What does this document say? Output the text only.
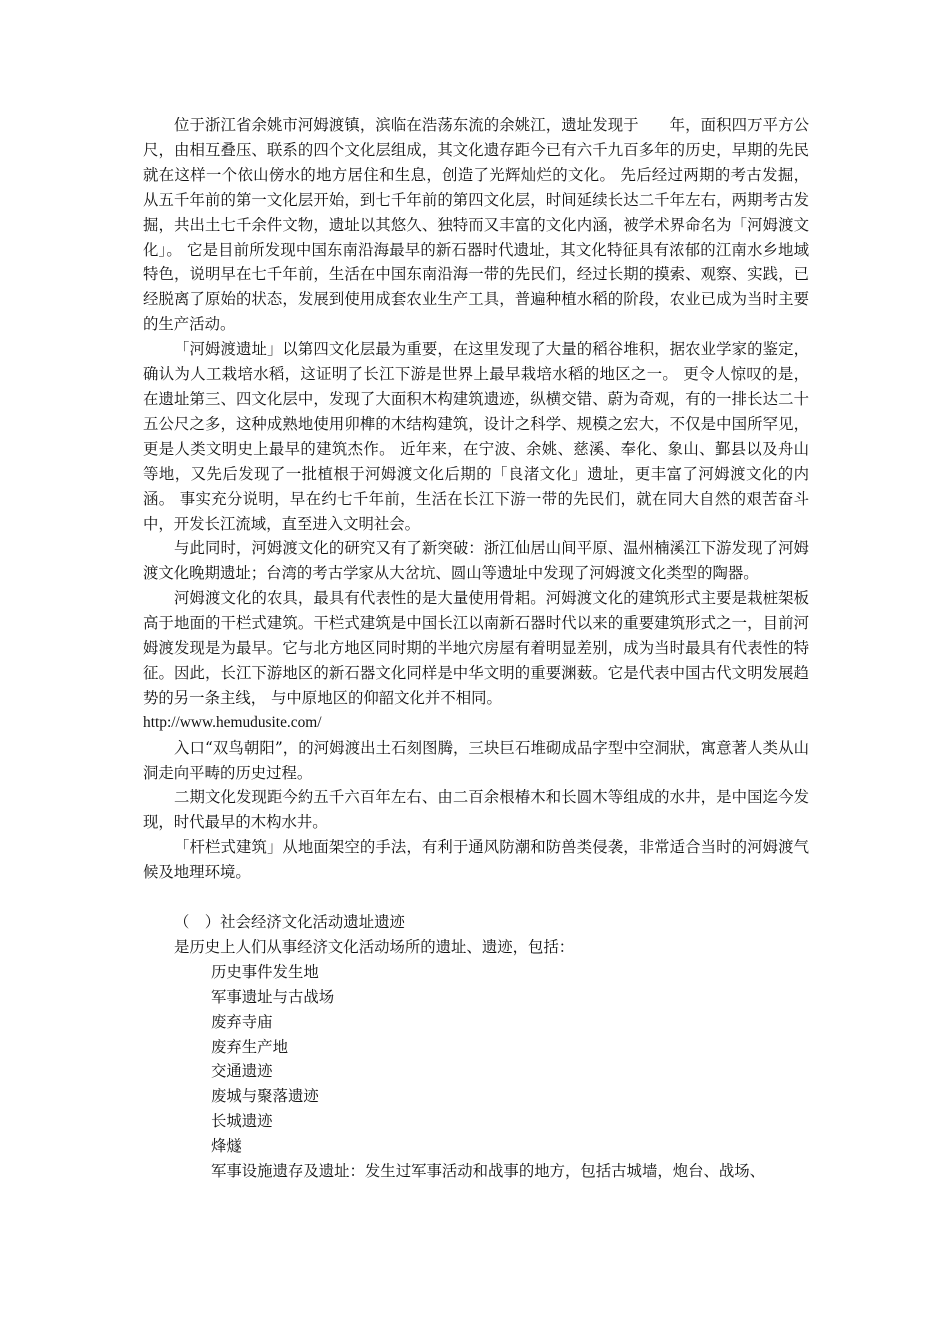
位于浙江省余姚市河姆渡镇，滨临在浩荡东流的余姚江，遗址发现于　　年，面积四万平方公尺，由相互叠压、联系的四个文化层组成，其文化遗存距今已有六千九百多年的历史，早期的先民就在这样一个依山傍水的地方居住和生息，创造了光辉灿烂的文化。 先后经过两期的考古发掘，从五千年前的第一文化层开始，到七千年前的第四文化层，时间延续长达二千年左右，两期考古发掘，共出土七千余件文物，遗址以其悠久、独特而又丰富的文化内涵，被学术界命名为「河姆渡文化」。 它是目前所发现中国东南沿海最早的新石器时代遗址，其文化特征具有浓郁的江南水乡地域特色，说明早在七千年前，生活在中国东南沿海一带的先民们，经过长期的摸索、观察、实践，已经脱离了原始的状态，发展到使用成套农业生产工具，普遍种植水稻的阶段，农业已成为当时主要的生产活动。

「河姆渡遗址」以第四文化层最为重要，在这里发现了大量的稻谷堆积，据农业学家的鉴定，确认为人工栽培水稻，这证明了长江下游是世界上最早栽培水稻的地区之一。 更令人惊叹的是，在遗址第三、四文化层中，发现了大面积木构建筑遗迹，纵横交错、蔚为奇观，有的一排长达二十五公尺之多，这种成熟地使用卯榫的木结构建筑，设计之科学、规模之宏大，不仅是中国所罕见，更是人类文明史上最早的建筑杰作。 近年来，在宁波、余姚、慈溪、奉化、象山、鄞县以及舟山等地，又先后发现了一批植根于河姆渡文化后期的「良渚文化」遗址，更丰富了河姆渡文化的内涵。 事实充分说明，早在约七千年前，生活在长江下游一带的先民们，就在同大自然的艰苦奋斗中，开发长江流域，直至进入文明社会。

与此同时，河姆渡文化的研究又有了新突破：浙江仙居山间平原、温州楠溪江下游发现了河姆渡文化晚期遗址；台湾的考古学家从大岔坑、圆山等遗址中发现了河姆渡文化类型的陶器。

河姆渡文化的农具，最具有代表性的是大量使用骨耜。河姆渡文化的建筑形式主要是栽桩架板高于地面的干栏式建筑。干栏式建筑是中国长江以南新石器时代以来的重要建筑形式之一，目前河姆渡发现是为最早。它与北方地区同时期的半地穴房屋有着明显差别，成为当时最具有代表性的特征。因此，长江下游地区的新石器文化同样是中华文明的重要渊薮。它是代表中国古代文明发展趋势的另一条主线， 与中原地区的仰韶文化并不相同。

http://www.hemudusite.com/

入口“双鸟朝阳”，的河姆渡出土石刻图腾，三块巨石堆砌成品字型中空洞狀，寓意著人类从山洞走向平畴的历史过程。

二期文化发现距今約五千六百年左右、由二百余根椿木和长圆木等组成的水井，是中国迄今发现，时代最早的木构水井。

「杆栏式建筑」从地面架空的手法，有利于通风防潮和防兽类侵袭，非常适合当时的河姆渡气候及地理环境。

（　）社会经济文化活动遗址遗迹

是历史上人们从事经济文化活动场所的遗址、遗迹，包括：

历史事件发生地
军事遗址与古战场
废弃寺庙
废弃生产地
交通遗迹
废城与聚落遗迹
长城遗迹
烽燧
军事设施遗存及遗址：发生过军事活动和战事的地方，包括古城墙，炮台、战场、
